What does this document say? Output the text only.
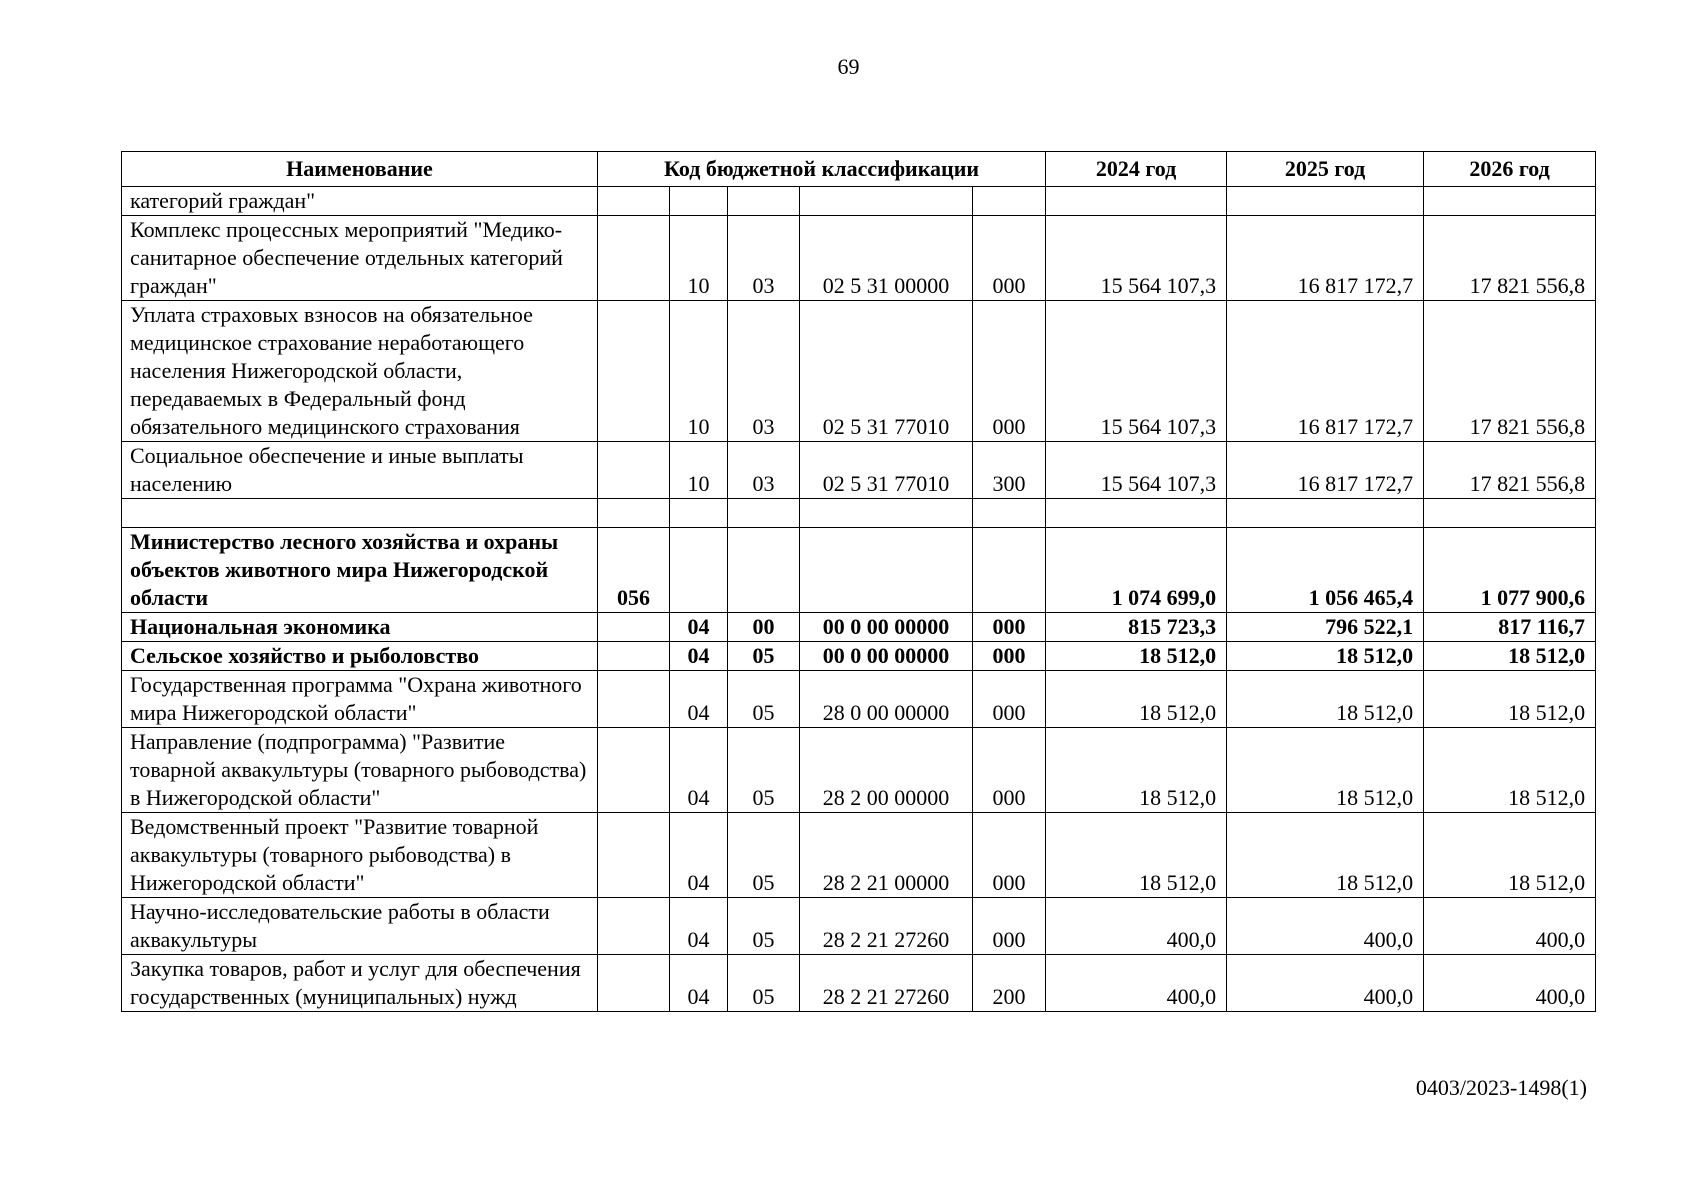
69
Наименование	Код бюджетной классификации					2024 год	2025 год	2026 год
категорий граждан"								
Комплекс процессных мероприятий "Медико-санитарное обеспечение отдельных категорий граждан"		10	03	02 5 31 00000	000	15 564 107,3	16 817 172,7	17 821 556,8
Уплата страховых взносов на обязательное медицинское страхование неработающего населения Нижегородской области, передаваемых в Федеральный фонд обязательного медицинского страхования		10	03	02 5 31 77010	000	15 564 107,3	16 817 172,7	17 821 556,8
Социальное обеспечение и иные выплаты населению		10	03	02 5 31 77010	300	15 564 107,3	16 817 172,7	17 821 556,8

Министерство лесного хозяйства и охраны объектов животного мира Нижегородской области	056					1 074 699,0	1 056 465,4	1 077 900,6
Национальная экономика		04	00	00 0 00 00000	000	815 723,3	796 522,1	817 116,7
Сельское хозяйство и рыболовство		04	05	00 0 00 00000	000	18 512,0	18 512,0	18 512,0
Государственная программа "Охрана животного мира Нижегородской области"		04	05	28 0 00 00000	000	18 512,0	18 512,0	18 512,0
Направление (подпрограмма) "Развитие товарной аквакультуры (товарного рыбоводства) в Нижегородской области"		04	05	28 2 00 00000	000	18 512,0	18 512,0	18 512,0
Ведомственный проект "Развитие товарной аквакультуры (товарного рыбоводства) в Нижегородской области"		04	05	28 2 21 00000	000	18 512,0	18 512,0	18 512,0
Научно-исследовательские работы в области аквакультуры		04	05	28 2 21 27260	000	400,0	400,0	400,0
Закупка товаров, работ и услуг для обеспечения государственных (муниципальных) нужд		04	05	28 2 21 27260	200	400,0	400,0	400,0
0403/2023-1498(1)
